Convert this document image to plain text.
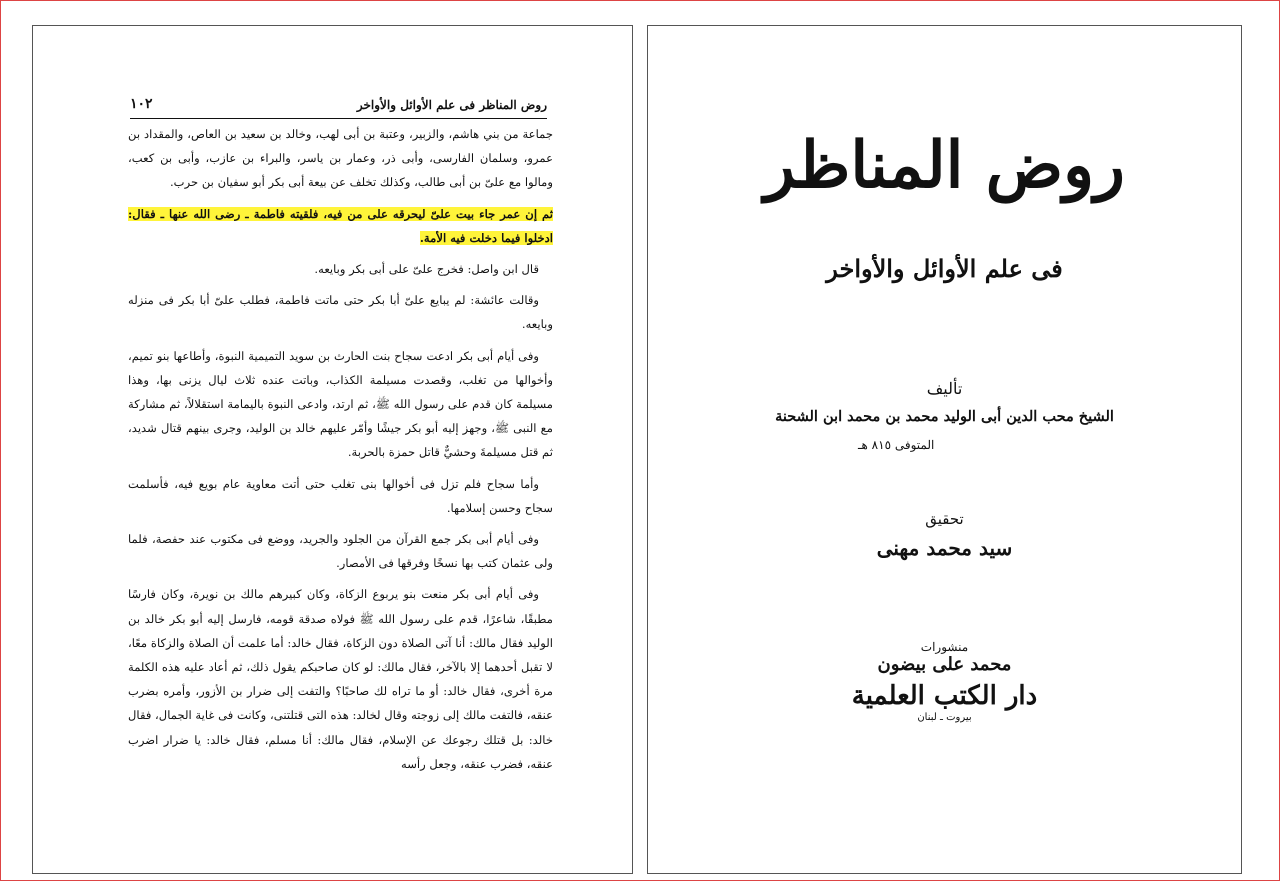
روض المناظر فى علم الأوائل والأواخر
١٠٢

جماعة من بني هاشم، والزبير، وعتبة بن أبى لهب، وخالد بن سعيد بن العاص، والمقداد بن عمرو، وسلمان الفارسى، وأبى ذر، وعمار بن ياسر، والبراء بن عازب، وأبى بن كعب، ومالوا مع علىّ بن أبى طالب، وكذلك تخلف عن بيعة أبى بكر أبو سفيان بن حرب.

ثم إن عمر جاء بيت علىّ ليحرقه على من فيه، فلقيته فاطمة ـ رضى الله عنها ـ فقال: ادخلوا فيما دخلت فيه الأمة.

قال ابن واصل: فخرج علىّ على أبى بكر وبايعه.

وقالت عائشة: لم يبايع علىّ أبا بكر حتى ماتت فاطمة، فطلب علىّ أبا بكر فى منزله وبايعه.

وفى أيام أبى بكر ادعت سجاح بنت الحارث بن سويد التميمية النبوة، وأطاعها بنو تميم، وأخوالها من تغلب، وقصدت مسيلمة الكذاب، وباتت عنده ثلاث ليال يزنى بها، وهذا مسيلمة كان قدم على رسول الله ﷺ، ثم ارتد، وادعى النبوة باليمامة استقلالاً، ثم مشاركة مع النبى ﷺ، وجهز إليه أبو بكر جيشًا وأمّر عليهم خالد بن الوليد، وجرى بينهم قتال شديد، ثم قتل مسيلمةَ وحشيٌّ قاتل حمزة بالحربة.

وأما سجاح فلم تزل فى أخوالها بنى تغلب حتى أتت معاوية عام بويع فيه، فأسلمت سجاح وحسن إسلامها.

وفى أيام أبى بكر جمع القرآن من الجلود والجريد، ووضع فى مكتوب عند حفصة، فلما ولى عثمان كتب بها نسخًا وفرقها فى الأمصار.

وفى أيام أبى بكر منعت بنو يربوع الزكاة، وكان كبيرهم مالك بن نويرة، وكان فارسًا مطبقًا، شاعرًا، قدم على رسول الله ﷺ فولاه صدقة قومه، فارسل إليه أبو بكر خالد بن الوليد فقال مالك: أنا آتى الصلاة دون الزكاة، فقال خالد: أما علمت أن الصلاة والزكاة معًا، لا تقبل أحدهما إلا بالآخر، فقال مالك: لو كان صاحبكم يقول ذلك، ثم أعاد عليه هذه الكلمة مرة أخرى، فقال خالد: أو ما تراه لك صاحبًا؟ والتفت إلى ضرار بن الأزور، وأمره بضرب عنقه، فالتفت مالك إلى زوجته وقال لخالد: هذه التى قتلتنى، وكانت فى غاية الجمال، فقال خالد: بل قتلك رجوعك عن الإسلام، فقال مالك: أنا مسلم، فقال خالد: يا ضرار اضرب عنقه، فضرب عنقه، وجعل رأسه

روض المناظر
فى علم الأوائل والأواخر
تأليف
الشيخ محب الدين أبى الوليد محمد بن محمد ابن الشحنة
المتوفى ٨١٥ هـ
تحقيق
سيد محمد مهنى
منشورات
محمد على بيضون
دار الكتب العلمية
بيروت ـ لبنان
